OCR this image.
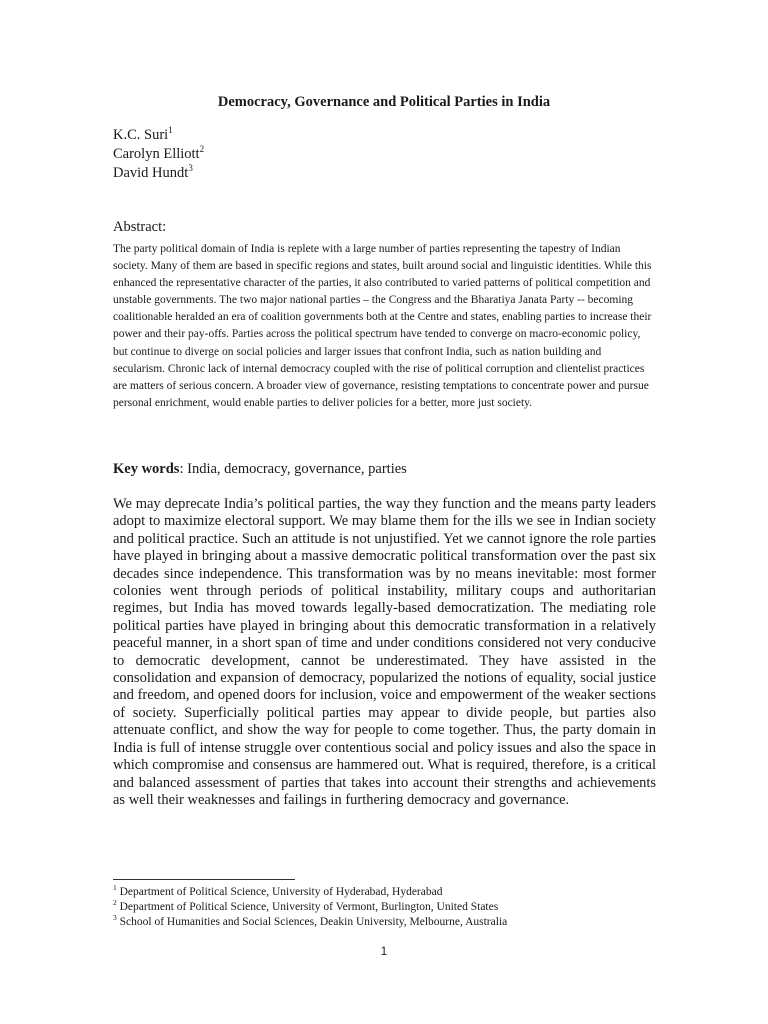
Democracy, Governance and Political Parties in India
K.C. Suri$^1$
Carolyn Elliott$^2$
David Hundt$^3$
Abstract:
The party political domain of India is replete with a large number of parties representing the tapestry of Indian society. Many of them are based in specific regions and states, built around social and linguistic identities. While this enhanced the representative character of the parties, it also contributed to varied patterns of political competition and unstable governments. The two major national parties – the Congress and the Bharatiya Janata Party -- becoming coalitionable heralded an era of coalition governments both at the Centre and states, enabling parties to increase their power and their pay-offs. Parties across the political spectrum have tended to converge on macro-economic policy, but continue to diverge on social policies and larger issues that confront India, such as nation building and secularism. Chronic lack of internal democracy coupled with the rise of political corruption and clientelist practices are matters of serious concern. A broader view of governance, resisting temptations to concentrate power and pursue personal enrichment, would enable parties to deliver policies for a better, more just society.
Key words: India, democracy, governance, parties
We may deprecate India’s political parties, the way they function and the means party leaders adopt to maximize electoral support. We may blame them for the ills we see in Indian society and political practice. Such an attitude is not unjustified. Yet we cannot ignore the role parties have played in bringing about a massive democratic political transformation over the past six decades since independence. This transformation was by no means inevitable: most former colonies went through periods of political instability, military coups and authoritarian regimes, but India has moved towards legally-based democratization. The mediating role political parties have played in bringing about this democratic transformation in a relatively peaceful manner, in a short span of time and under conditions considered not very conducive to democratic development, cannot be underestimated. They have assisted in the consolidation and expansion of democracy, popularized the notions of equality, social justice and freedom, and opened doors for inclusion, voice and empowerment of the weaker sections of society. Superficially political parties may appear to divide people, but parties also attenuate conflict, and show the way for people to come together. Thus, the party domain in India is full of intense struggle over contentious social and policy issues and also the space in which compromise and consensus are hammered out. What is required, therefore, is a critical and balanced assessment of parties that takes into account their strengths and achievements as well their weaknesses and failings in furthering democracy and governance.
$^1$ Department of Political Science, University of Hyderabad, Hyderabad
$^2$ Department of Political Science, University of Vermont, Burlington, United States
$^3$ School of Humanities and Social Sciences, Deakin University, Melbourne, Australia
1
